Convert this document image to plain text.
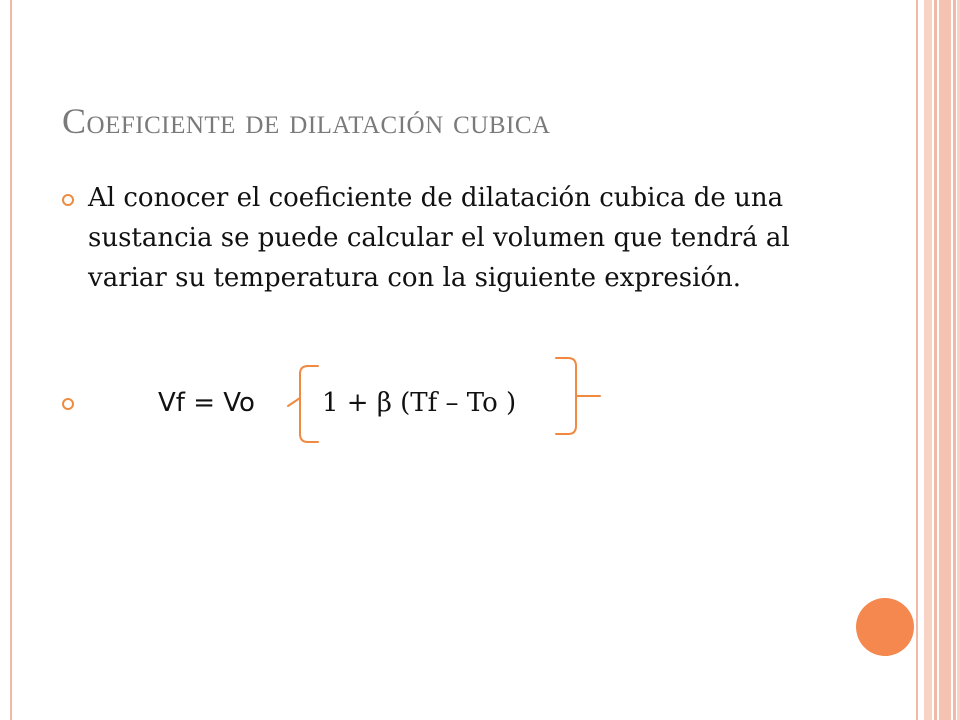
Coeficiente de dilatación cubica
Al conocer el coeficiente de dilatación cubica de una sustancia se puede calcular el volumen que tendrá al variar su temperatura con la siguiente expresión.
Vf = Vo	1 + β (Tf – To )
